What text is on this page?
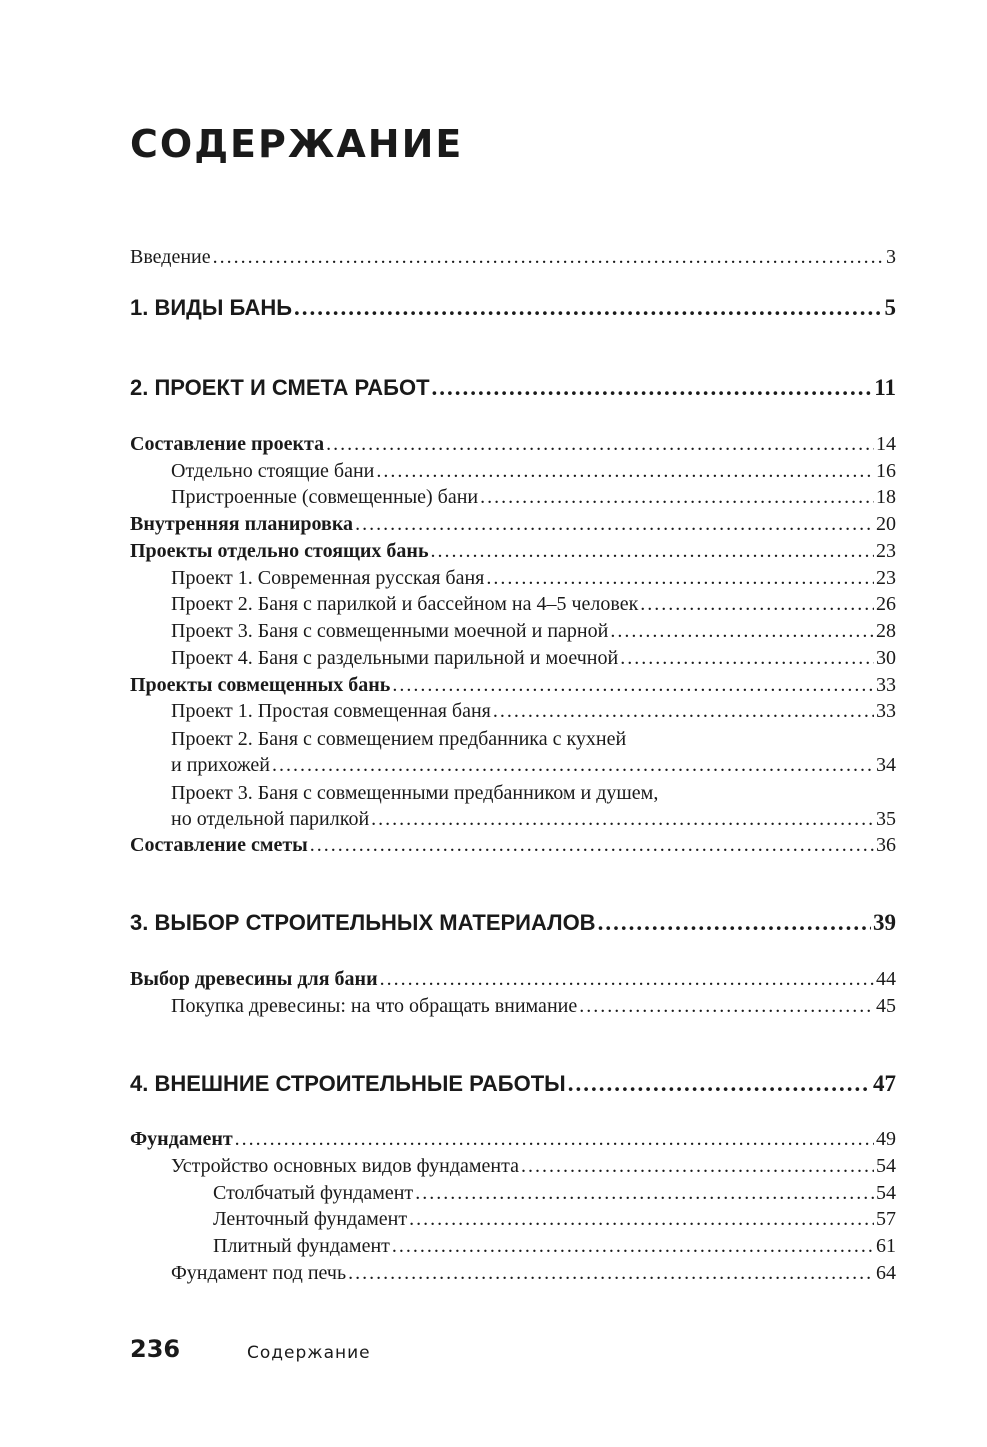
СОДЕРЖАНИЕ
Введение .....	3
1. ВИДЫ БАНЬ .....	5
2. ПРОЕКТ И СМЕТА РАБОТ .....	11
Составление проекта .....	14
Отдельно стоящие бани .....	16
Пристроенные (совмещенные) бани .....	18
Внутренняя планировка .....	20
Проекты отдельно стоящих бань .....	23
Проект 1. Современная русская баня .....	23
Проект 2. Баня с парилкой и бассейном на 4–5 человек .....	26
Проект 3. Баня с совмещенными моечной и парной .....	28
Проект 4. Баня с раздельными парильной и моечной .....	30
Проекты совмещенных бань .....	33
Проект 1. Простая совмещенная баня .....	33
Проект 2. Баня с совмещением предбанника с кухней
и прихожей .....	34
Проект 3. Баня с совмещенными предбанником и душем,
но отдельной парилкой .....	35
Составление сметы .....	36
3. ВЫБОР СТРОИТЕЛЬНЫХ МАТЕРИАЛОВ .....	39
Выбор древесины для бани .....	44
Покупка древесины: на что обращать внимание .....	45
4. ВНЕШНИЕ СТРОИТЕЛЬНЫЕ РАБОТЫ .....	47
Фундамент .....	49
Устройство основных видов фундамента .....	54
Столбчатый фундамент .....	54
Ленточный фундамент .....	57
Плитный фундамент .....	61
Фундамент под печь .....	64
236	Содержание
